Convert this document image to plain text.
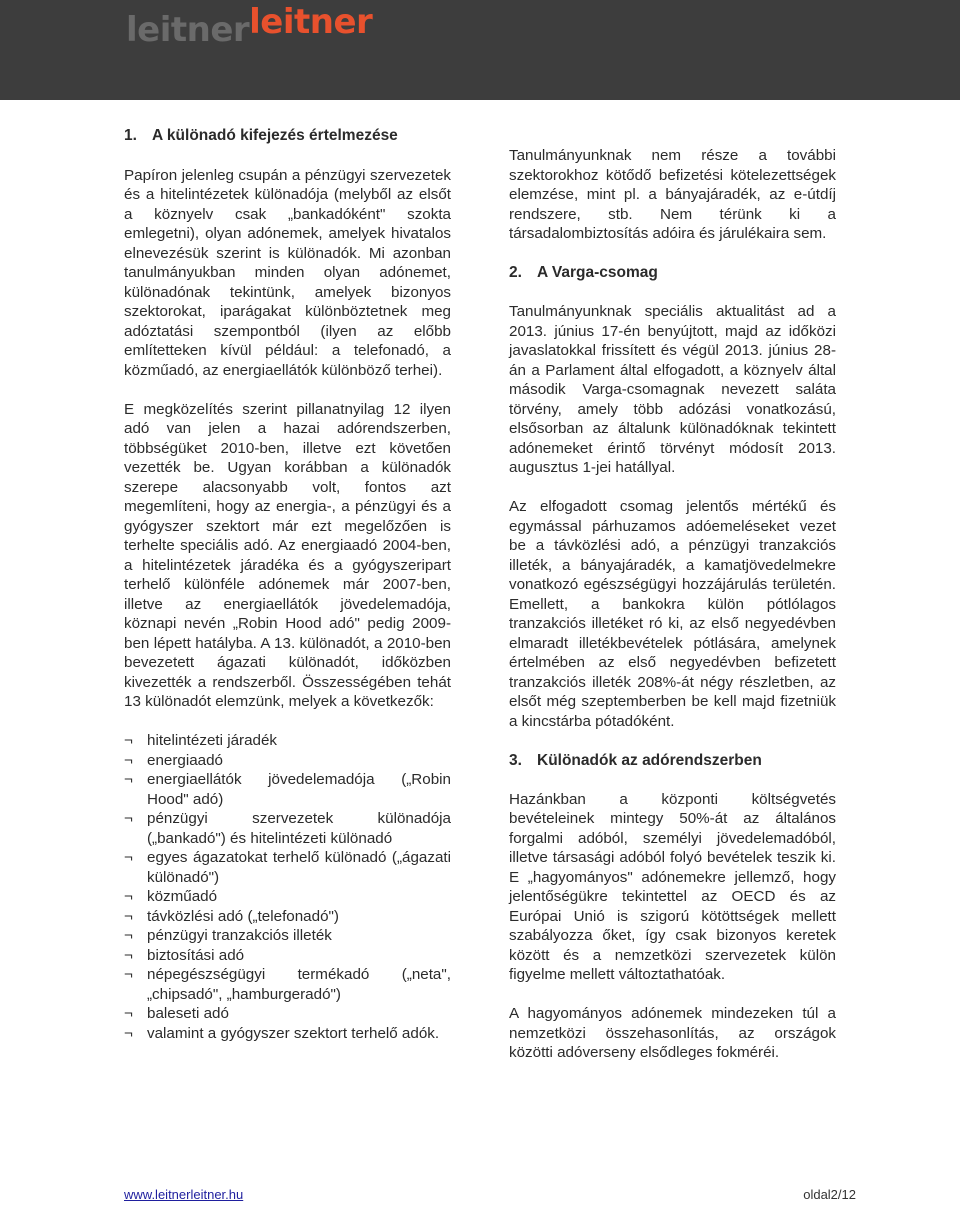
leitnerleitner
1. A különadó kifejezés értelmezése

Papíron jelenleg csupán a pénzügyi szervezetek és a hitelintézetek különadója (melyből az elsőt a köznyelv csak „bankadóként" szokta emlegetni), olyan adónemek, amelyek hivatalos elnevezésük szerint is különadók. Mi azonban tanulmányukban minden olyan adónemet, különadónak tekintünk, amelyek bizonyos szektorokat, iparágakat különböztetnek meg adóztatási szempontból (ilyen az előbb említetteken kívül például: a telefonadó, a közműadó, az energiaellátók különböző terhei).

E megközelítés szerint pillanatnyilag 12 ilyen adó van jelen a hazai adórendszerben, többségüket 2010-ben, illetve ezt követően vezették be. Ugyan korábban a különadók szerepe alacsonyabb volt, fontos azt megemlíteni, hogy az energia-, a pénzügyi és a gyógyszer szektort már ezt megelőzően is terhelte speciális adó. Az energiaadó 2004-ben, a hitelintézetek járadéka és a gyógyszeripart terhelő különféle adónemek már 2007-ben, illetve az energiaellátók jövedelemadója, köznapi nevén „Robin Hood adó" pedig 2009-ben lépett hatályba. A 13. különadót, a 2010-ben bevezetett ágazati különadót, időközben kivezették a rendszerből. Összességében tehát 13 különadót elemzünk, melyek a következők:

¬ hitelintézeti járadék
¬ energiaadó
¬ energiaellátók jövedelemadója („Robin Hood" adó)
¬ pénzügyi szervezetek különadója („bankadó") és hitelintézeti különadó
¬ egyes ágazatokat terhelő különadó („ágazati különadó")
¬ közműadó
¬ távközlési adó („telefonadó")
¬ pénzügyi tranzakciós illeték
¬ biztosítási adó
¬ népegészségügyi termékadó („neta", „chipsadó", „hamburgeradó")
¬ baleseti adó
¬ valamint a gyógyszer szektort terhelő adók.

Tanulmányunknak nem része a további szektorokhoz kötődő befizetési kötelezettségek elemzése, mint pl. a bányajáradék, az e-útdíj rendszere, stb. Nem térünk ki a társadalombiztosítás adóira és járulékaira sem.

2. A Varga-csomag

Tanulmányunknak speciális aktualitást ad a 2013. június 17-én benyújtott, majd az időközi javaslatokkal frissített és végül 2013. június 28-án a Parlament által elfogadott, a köznyelv által második Varga-csomagnak nevezett saláta törvény, amely több adózási vonatkozású, elsősorban az általunk különadóknak tekintett adónemeket érintő törvényt módosít 2013. augusztus 1-jei hatállyal.

Az elfogadott csomag jelentős mértékű és egymással párhuzamos adóemeléseket vezet be a távközlési adó, a pénzügyi tranzakciós illeték, a bányajáradék, a kamatjövedelmekre vonatkozó egészségügyi hozzájárulás területén. Emellett, a bankokra külön pótlólagos tranzakciós illetéket ró ki, az első negyedévben elmaradt illetékbevételek pótlására, amelynek értelmében az első negyedévben befizetett tranzakciós illeték 208%-át négy részletben, az elsőt még szeptemberben be kell majd fizetniük a kincstárba pótadóként.

3. Különadók az adórendszerben

Hazánkban a központi költségvetés bevételeinek mintegy 50%-át az általános forgalmi adóból, személyi jövedelemadóból, illetve társasági adóból folyó bevételek teszik ki. E „hagyományos" adónemekre jellemző, hogy jelentőségükre tekintettel az OECD és az Európai Unió is szigorú kötöttségek mellett szabályozza őket, így csak bizonyos keretek között és a nemzetközi szervezetek külön figyelme mellett változtathatóak.

A hagyományos adónemek mindezeken túl a nemzetközi összehasonlítás, az országok közötti adóverseny elsődleges fokméréi.

www.leitnerleitner.hu	oldal2/12
